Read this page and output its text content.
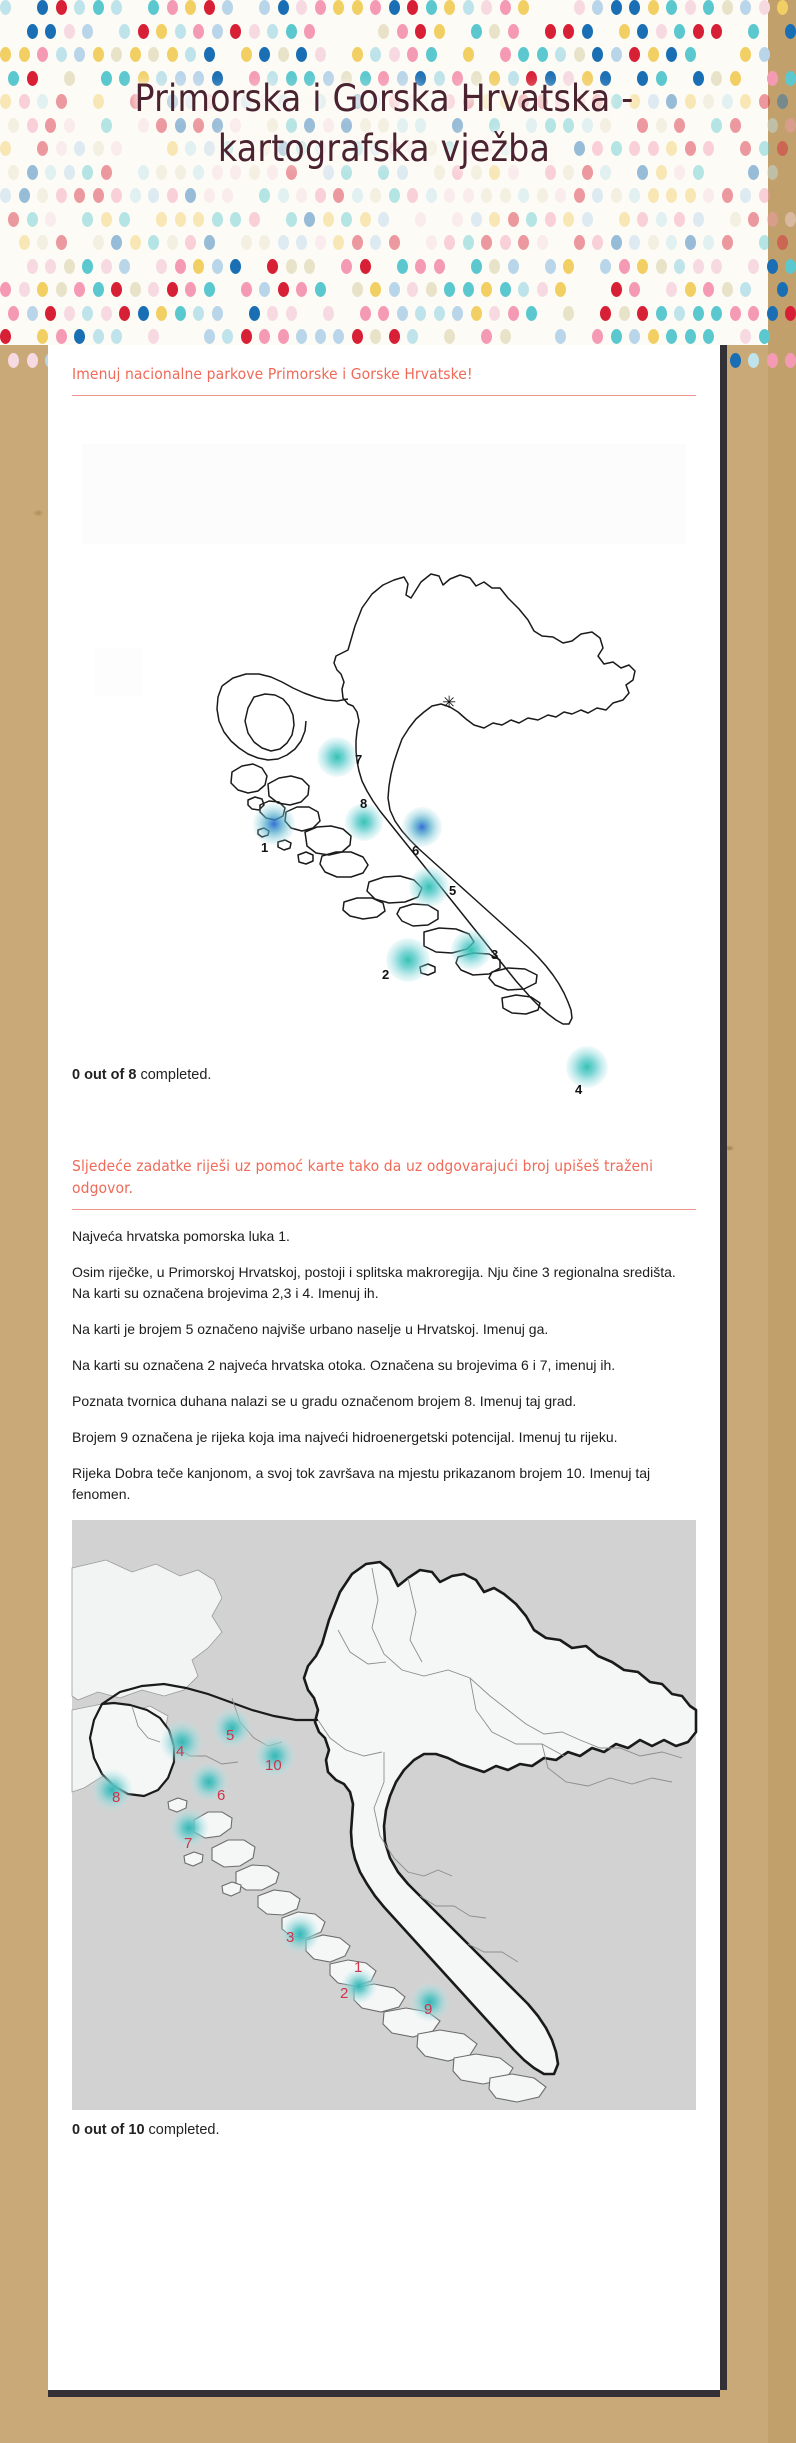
Primorska i Gorska Hrvatska -
kartografska vježba
Imenuj nacionalne parkove Primorske i Gorske Hrvatske!
1
7
8
6
5
2
3
4
✳
0 out of 8 completed.
Sljedeće zadatke riješi uz pomoć karte tako da uz odgovarajući broj upišeš traženi odgovor.

Najveća hrvatska pomorska luka 1.

Osim riječke, u Primorskoj Hrvatskoj, postoji i splitska makroregija. Nju čine 3 regionalna središta. Na karti su označena brojevima 2,3 i 4. Imenuj ih.

Na karti je brojem 5 označeno najviše urbano naselje u Hrvatskoj. Imenuj ga.

Na karti su označena 2 najveća hrvatska otoka. Označena su brojevima 6 i 7, imenuj ih.

Poznata tvornica duhana nalazi se u gradu označenom brojem 8. Imenuj taj grad.

Brojem 9 označena je rijeka koja ima najveći hidroenergetski potencijal. Imenuj tu rijeku.

Rijeka Dobra teče kanjonom, a svoj tok završava na mjestu prikazanom brojem 10. Imenuj taj fenomen.

4
5
10
6
8
7
3
2
1
9
0 out of 10 completed.
